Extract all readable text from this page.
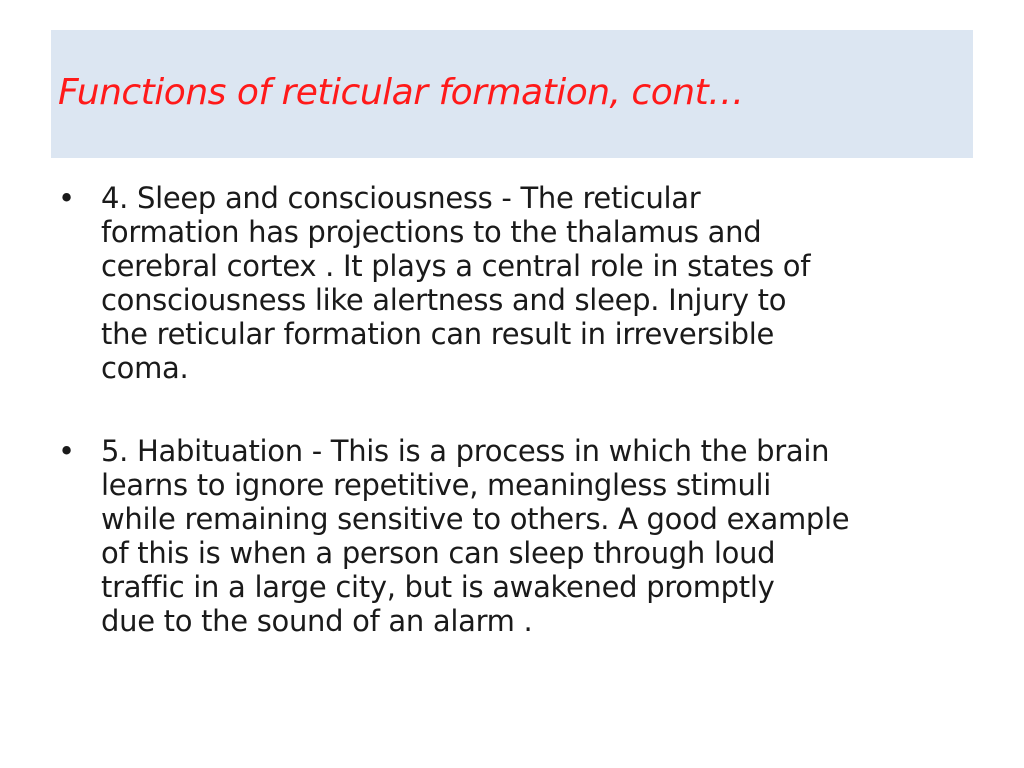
Functions of reticular formation, cont…
• 4. Sleep and consciousness - The reticular
formation has projections to the thalamus and
cerebral cortex . It plays a central role in states of
consciousness like alertness and sleep. Injury to
the reticular formation can result in irreversible
coma.
• 5. Habituation - This is a process in which the brain
learns to ignore repetitive, meaningless stimuli
while remaining sensitive to others. A good example
of this is when a person can sleep through loud
traffic in a large city, but is awakened promptly
due to the sound of an alarm .
